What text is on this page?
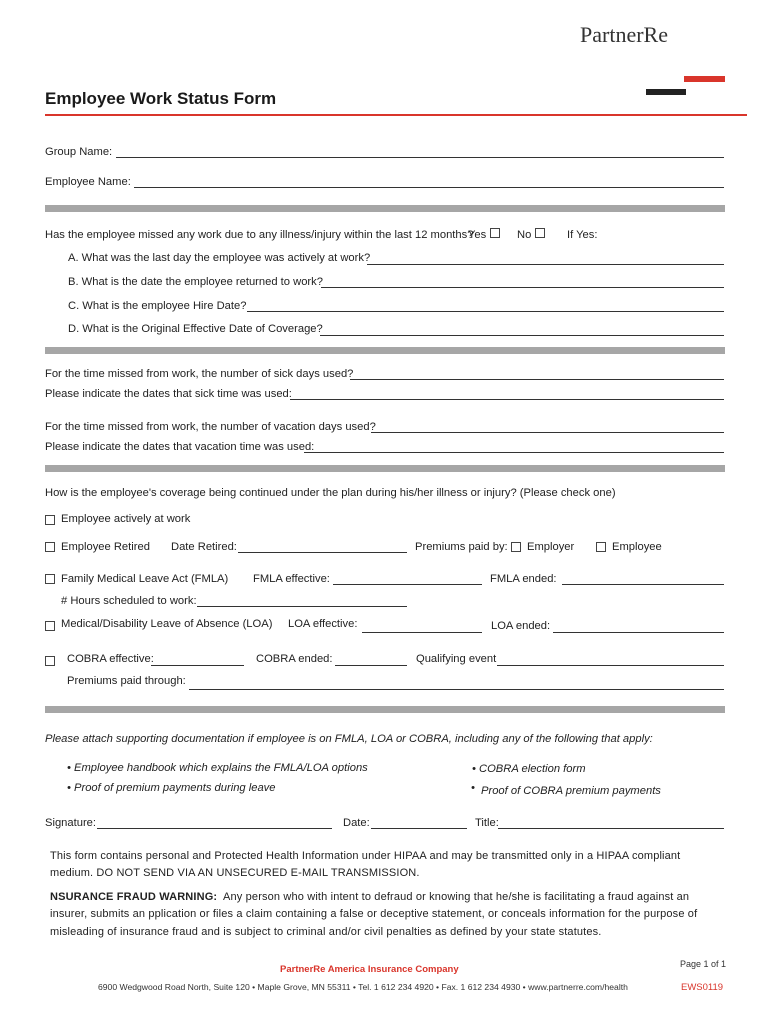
PartnerRe
Employee Work Status Form
Group Name:
Employee Name:
Has the employee missed any work due to any illness/injury within the last 12 months?
Yes	No	If Yes:
A. What was the last day the employee was actively at work?
B. What is the date the employee returned to work?
C. What is the employee Hire Date?
D. What is the Original Effective Date of Coverage?
For the time missed from work, the number of sick days used?
Please indicate the dates that sick time was used:
For the time missed from work, the number of vacation days used?
Please indicate the dates that vacation time was used:
How is the employee's coverage being continued under the plan during his/her illness or injury? (Please check one)
Employee actively at work
Employee Retired Date Retired:	Premiums paid by: Employer	Employee
Family Medical Leave Act (FMLA) FMLA effective:	FMLA ended:
# Hours scheduled to work:
Medical/Disability Leave of Absence (LOA) LOA effective:	LOA ended:
COBRA effective:	COBRA ended:	Qualifying event
Premiums paid through:
Please attach supporting documentation if employee is on FMLA, LOA or COBRA, including any of the following that apply:
• Employee handbook which explains the FMLA/LOA options
• Proof of premium payments during leave
• COBRA election form
• Proof of COBRA premium payments
Signature:	Date:	Title:
This form contains personal and Protected Health Information under HIPAA and may be transmitted only in a HIPAA compliant
medium. DO NOT SEND VIA AN UNSECURED E-MAIL TRANSMISSION.
NSURANCE FRAUD WARNING: Any person who with intent to defraud or knowing that he/she is facilitating a fraud against an
insurer, submits an pplication or files a claim containing a false or deceptive statement, or conceals information for the purpose of
misleading of insurance fraud and is subject to criminal and/or civil penalties as defined by your state statutes.
PartnerRe America Insurance Company
6900 Wedgwood Road North, Suite 120 • Maple Grove, MN 55311 • Tel. 1 612 234 4920 • Fax. 1 612 234 4930 • www.partnerre.com/health
Page 1 of 1
EWS0119
